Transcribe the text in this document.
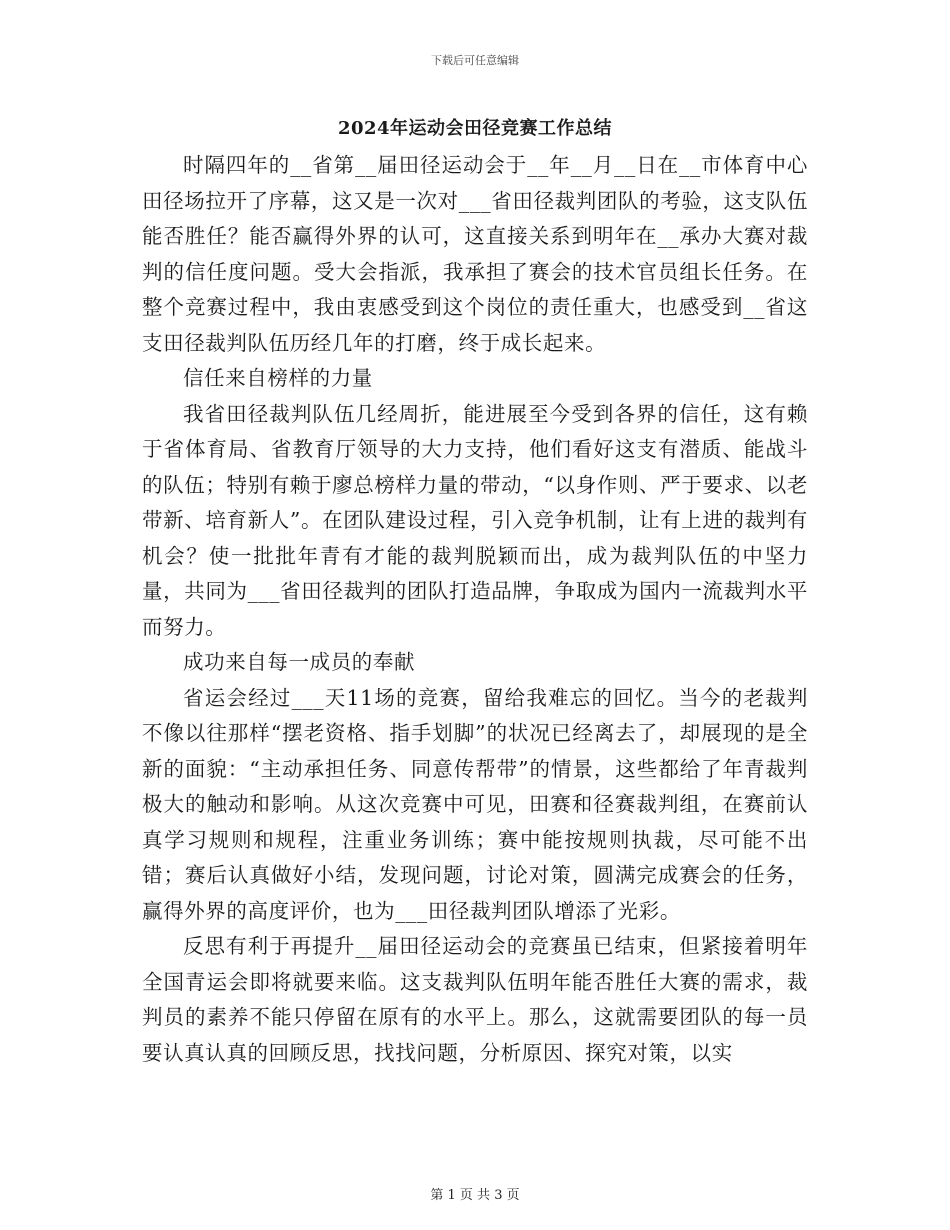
下载后可任意编辑
2024年运动会田径竞赛工作总结

时隔四年的__省第__届田径运动会于__年__月__日在__市体育中心田径场拉开了序幕，这又是一次对___省田径裁判团队的考验，这支队伍能否胜任？能否赢得外界的认可，这直接关系到明年在__承办大赛对裁判的信任度问题。受大会指派，我承担了赛会的技术官员组长任务。在整个竞赛过程中，我由衷感受到这个岗位的责任重大，也感受到__省这支田径裁判队伍历经几年的打磨，终于成长起来。

信任来自榜样的力量

我省田径裁判队伍几经周折，能进展至今受到各界的信任，这有赖于省体育局、省教育厅领导的大力支持，他们看好这支有潜质、能战斗的队伍；特别有赖于廖总榜样力量的带动，“以身作则、严于要求、以老带新、培育新人”。在团队建设过程，引入竞争机制，让有上进的裁判有机会？使一批批年青有才能的裁判脱颖而出，成为裁判队伍的中坚力量，共同为___省田径裁判的团队打造品牌，争取成为国内一流裁判水平而努力。

成功来自每一成员的奉献

省运会经过___天11场的竞赛，留给我难忘的回忆。当今的老裁判不像以往那样“摆老资格、指手划脚”的状况已经离去了，却展现的是全新的面貌：“主动承担任务、同意传帮带”的情景，这些都给了年青裁判极大的触动和影响。从这次竞赛中可见，田赛和径赛裁判组，在赛前认真学习规则和规程，注重业务训练；赛中能按规则执裁，尽可能不出错；赛后认真做好小结，发现问题，讨论对策，圆满完成赛会的任务，赢得外界的高度评价，也为___田径裁判团队增添了光彩。

反思有利于再提升__届田径运动会的竞赛虽已结束，但紧接着明年全国青运会即将就要来临。这支裁判队伍明年能否胜任大赛的需求，裁判员的素养不能只停留在原有的水平上。那么，这就需要团队的每一员要认真认真的回顾反思，找找问题，分析原因、探究对策，以实

第 1 页 共 3 页
